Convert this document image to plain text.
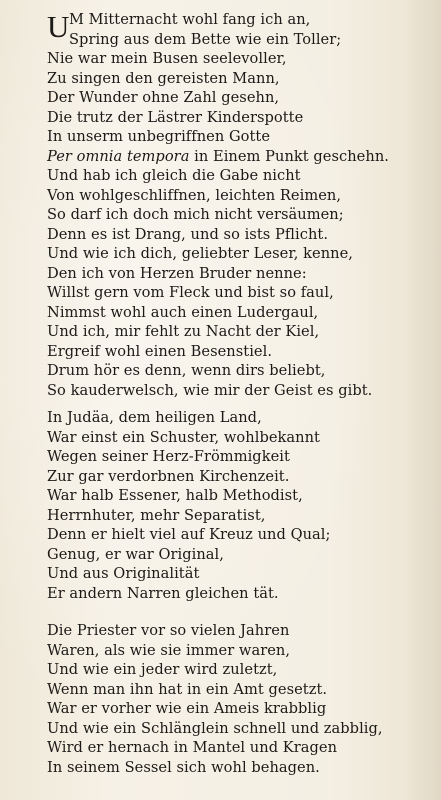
U M Mitternacht wohl fang ich an,
Spring aus dem Bette wie ein Toller;
Nie war mein Busen seelevoller,
Zu singen den gereisten Mann,
Der Wunder ohne Zahl gesehn,
Die trutz der Lästrer Kinderspotte
In unserm unbegriffnen Gotte
Per omnia tempora in Einem Punkt geschehn.
Und hab ich gleich die Gabe nicht
Von wohlgeschliffnen, leichten Reimen,
So darf ich doch mich nicht versäumen;
Denn es ist Drang, und so ists Pflicht.
Und wie ich dich, geliebter Leser, kenne,
Den ich von Herzen Bruder nenne:
Willst gern vom Fleck und bist so faul,
Nimmst wohl auch einen Ludergaul,
Und ich, mir fehlt zu Nacht der Kiel,
Ergreif wohl einen Besenstiel.
Drum hör es denn, wenn dirs beliebt,
So kauderwelsch, wie mir der Geist es gibt.
In Judäa, dem heiligen Land,
War einst ein Schuster, wohlbekannt
Wegen seiner Herz-Frömmigkeit
Zur gar verdorbnen Kirchenzeit.
War halb Essener, halb Methodist,
Herrnhuter, mehr Separatist,
Denn er hielt viel auf Kreuz und Qual;
Genug, er war Original,
Und aus Originalität
Er andern Narren gleichen tät.
Die Priester vor so vielen Jahren
Waren, als wie sie immer waren,
Und wie ein jeder wird zuletzt,
Wenn man ihn hat in ein Amt gesetzt.
War er vorher wie ein Ameis krabblig
Und wie ein Schlänglein schnell und zabblig,
Wird er hernach in Mantel und Kragen
In seinem Sessel sich wohl behagen.
